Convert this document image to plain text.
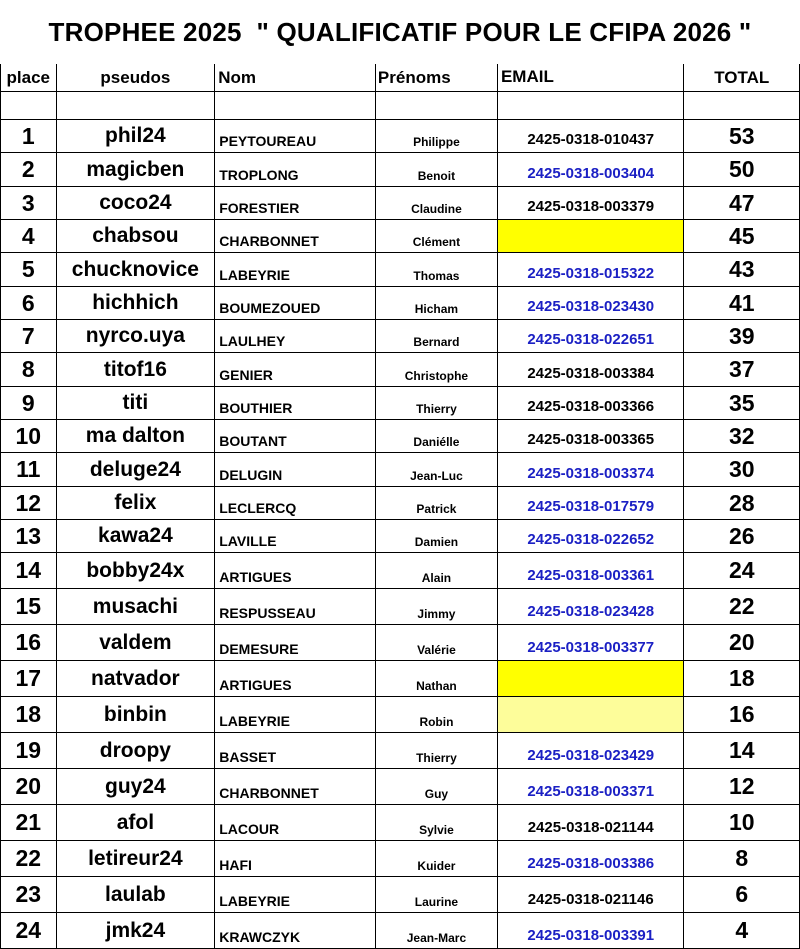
TROPHEE 2025  " QUALIFICATIF POUR LE CFIPA 2026 "
place	pseudos	Nom	Prénoms	EMAIL	TOTAL

1	phil24	PEYTOUREAU	Philippe	2425-0318-010437	53
2	magicben	TROPLONG	Benoit	2425-0318-003404	50
3	coco24	FORESTIER	Claudine	2425-0318-003379	47
4	chabsou	CHARBONNET	Clément		45
5	chucknovice	LABEYRIE	Thomas	2425-0318-015322	43
6	hichhich	BOUMEZOUED	Hicham	2425-0318-023430	41
7	nyrco.uya	LAULHEY	Bernard	2425-0318-022651	39
8	titof16	GENIER	Christophe	2425-0318-003384	37
9	titi	BOUTHIER	Thierry	2425-0318-003366	35
10	ma dalton	BOUTANT	Daniélle	2425-0318-003365	32
11	deluge24	DELUGIN	Jean-Luc	2425-0318-003374	30
12	felix	LECLERCQ	Patrick	2425-0318-017579	28
13	kawa24	LAVILLE	Damien	2425-0318-022652	26
14	bobby24x	ARTIGUES	Alain	2425-0318-003361	24
15	musachi	RESPUSSEAU	Jimmy	2425-0318-023428	22
16	valdem	DEMESURE	Valérie	2425-0318-003377	20
17	natvador	ARTIGUES	Nathan		18
18	binbin	LABEYRIE	Robin		16
19	droopy	BASSET	Thierry	2425-0318-023429	14
20	guy24	CHARBONNET	Guy	2425-0318-003371	12
21	afol	LACOUR	Sylvie	2425-0318-021144	10
22	letireur24	HAFI	Kuider	2425-0318-003386	8
23	laulab	LABEYRIE	Laurine	2425-0318-021146	6
24	jmk24	KRAWCZYK	Jean-Marc	2425-0318-003391	4
